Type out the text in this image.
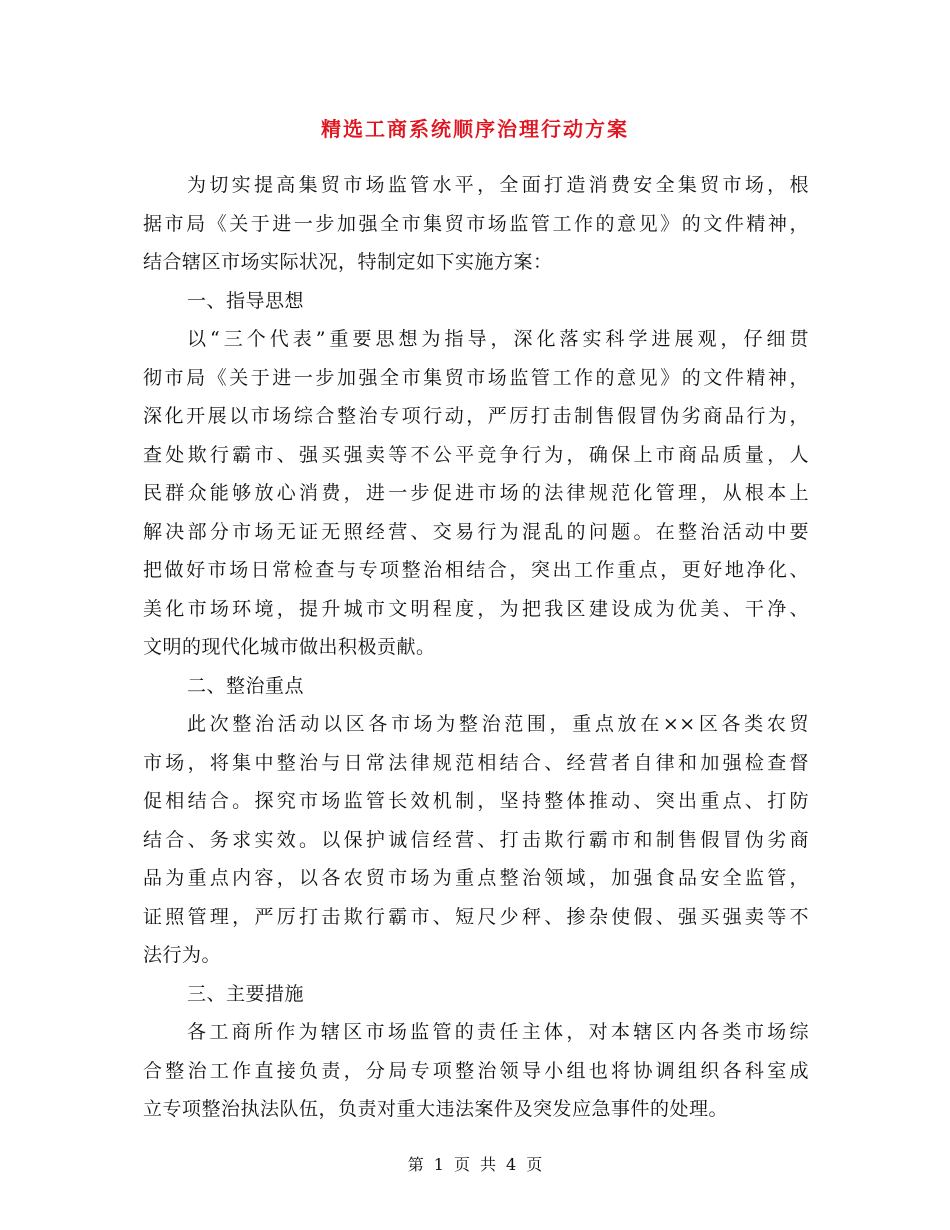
精选工商系统顺序治理行动方案
为切实提高集贸市场监管水平，全面打造消费安全集贸市场，根
据市局《关于进一步加强全市集贸市场监管工作的意见》的文件精神，
结合辖区市场实际状况，特制定如下实施方案：
一、指导思想
以“三个代表”重要思想为指导，深化落实科学进展观，仔细贯
彻市局《关于进一步加强全市集贸市场监管工作的意见》的文件精神，
深化开展以市场综合整治专项行动，严厉打击制售假冒伪劣商品行为，
查处欺行霸市、强买强卖等不公平竞争行为，确保上市商品质量，人
民群众能够放心消费，进一步促进市场的法律规范化管理，从根本上
解决部分市场无证无照经营、交易行为混乱的问题。在整治活动中要
把做好市场日常检查与专项整治相结合，突出工作重点，更好地净化、
美化市场环境，提升城市文明程度，为把我区建设成为优美、干净、
文明的现代化城市做出积极贡献。
二、整治重点
此次整治活动以区各市场为整治范围，重点放在××区各类农贸
市场，将集中整治与日常法律规范相结合、经营者自律和加强检查督
促相结合。探究市场监管长效机制，坚持整体推动、突出重点、打防
结合、务求实效。以保护诚信经营、打击欺行霸市和制售假冒伪劣商
品为重点内容，以各农贸市场为重点整治领域，加强食品安全监管，
证照管理，严厉打击欺行霸市、短尺少秤、掺杂使假、强买强卖等不
法行为。
三、主要措施
各工商所作为辖区市场监管的责任主体，对本辖区内各类市场综
合整治工作直接负责，分局专项整治领导小组也将协调组织各科室成
立专项整治执法队伍，负责对重大违法案件及突发应急事件的处理。
第 1 页 共 4 页
